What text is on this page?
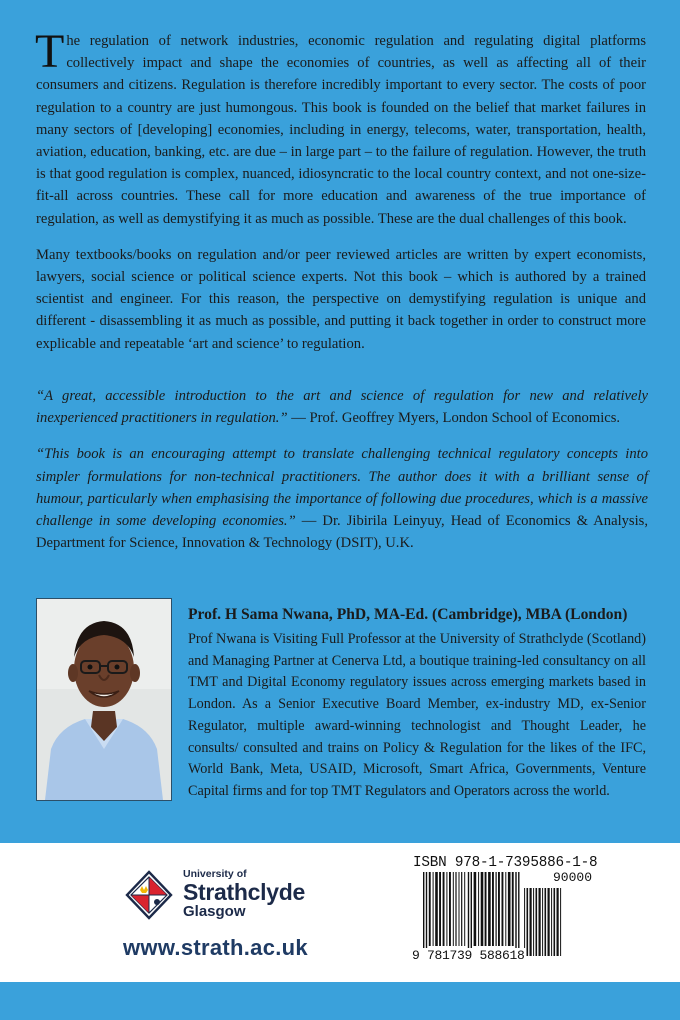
The regulation of network industries, economic regulation and regulating digital platforms collectively impact and shape the economies of countries, as well as affecting all of their consumers and citizens. Regulation is therefore incredibly important to every sector. The costs of poor regulation to a country are just humongous. This book is founded on the belief that market failures in many sectors of [developing] economies, including in energy, telecoms, water, transportation, health, aviation, education, banking, etc. are due – in large part – to the failure of regulation. However, the truth is that good regulation is complex, nuanced, idiosyncratic to the local country context, and not one-size-fit-all across countries. These call for more education and awareness of the true importance of regulation, as well as demystifying it as much as possible. These are the dual challenges of this book.

Many textbooks/books on regulation and/or peer reviewed articles are written by expert economists, lawyers, social science or political science experts. Not this book – which is authored by a trained scientist and engineer. For this reason, the perspective on demystifying regulation is unique and different - disassembling it as much as possible, and putting it back together in order to construct more explicable and repeatable ‘art and science’ to regulation.

“A great, accessible introduction to the art and science of regulation for new and relatively inexperienced practitioners in regulation.” — Prof. Geoffrey Myers, London School of Economics.

“This book is an encouraging attempt to translate challenging technical regulatory concepts into simpler formulations for non-technical practitioners. The author does it with a brilliant sense of humour, particularly when emphasising the importance of following due procedures, which is a massive challenge in some developing economies.” — Dr. Jibirila Leinyuy, Head of Economics & Analysis, Department for Science, Innovation & Technology (DSIT), U.K.

Prof. H Sama Nwana, PhD, MA-Ed. (Cambridge), MBA (London)

Prof Nwana is Visiting Full Professor at the University of Strathclyde (Scotland) and Managing Partner at Cenerva Ltd, a boutique training-led consultancy on all TMT and Digital Economy regulatory issues across emerging markets based in London. As a Senior Executive Board Member, ex-industry MD, ex-Senior Regulator, multiple award-winning technologist and Thought Leader, he consults/ consulted and trains on Policy & Regulation for the likes of the IFC, World Bank, Meta, USAID, Microsoft, Smart Africa, Governments, Venture Capital firms and for top TMT Regulators and Operators across the world.

University of
Strathclyde
Glasgow
www.strath.ac.uk
ISBN 978-1-7395886-1-8
90000
9 781739 588618
